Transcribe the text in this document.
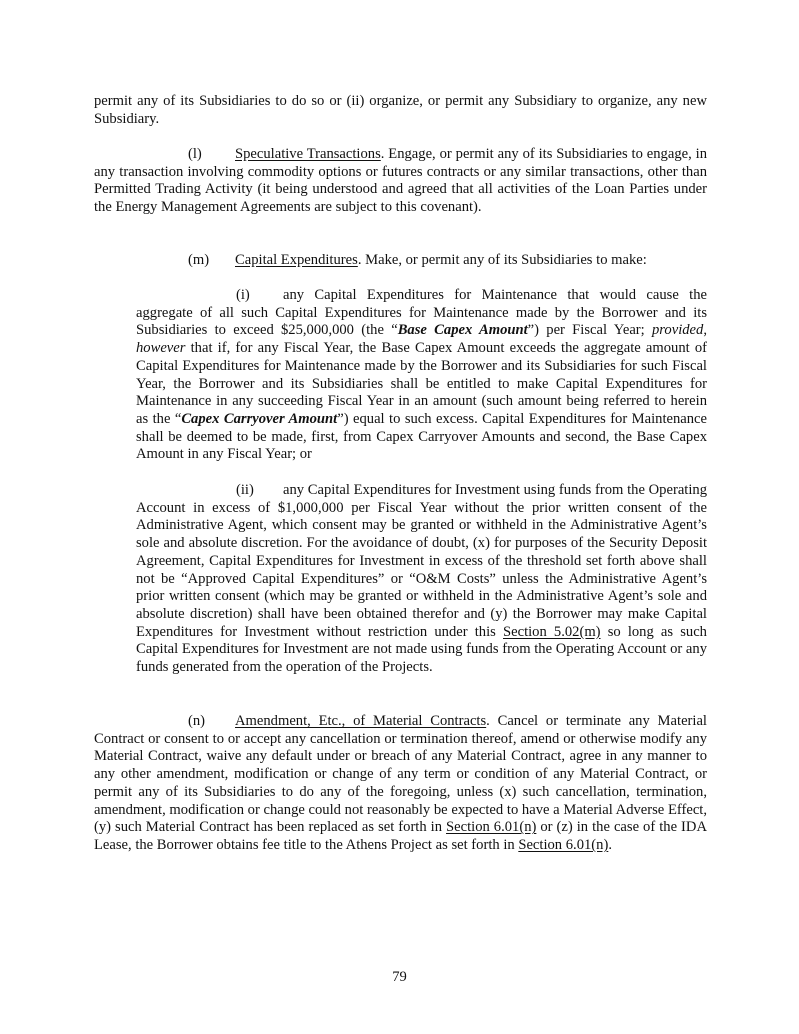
permit any of its Subsidiaries to do so or (ii) organize, or permit any Subsidiary to organize, any new Subsidiary.

(l) Speculative Transactions. Engage, or permit any of its Subsidiaries to engage, in any transaction involving commodity options or futures contracts or any similar transactions, other than Permitted Trading Activity (it being understood and agreed that all activities of the Loan Parties under the Energy Management Agreements are subject to this covenant).

(m) Capital Expenditures. Make, or permit any of its Subsidiaries to make:

(i) any Capital Expenditures for Maintenance that would cause the aggregate of all such Capital Expenditures for Maintenance made by the Borrower and its Subsidiaries to exceed $25,000,000 (the “Base Capex Amount”) per Fiscal Year; provided, however that if, for any Fiscal Year, the Base Capex Amount exceeds the aggregate amount of Capital Expenditures for Maintenance made by the Borrower and its Subsidiaries for such Fiscal Year, the Borrower and its Subsidiaries shall be entitled to make Capital Expenditures for Maintenance in any succeeding Fiscal Year in an amount (such amount being referred to herein as the “Capex Carryover Amount”) equal to such excess. Capital Expenditures for Maintenance shall be deemed to be made, first, from Capex Carryover Amounts and second, the Base Capex Amount in any Fiscal Year; or

(ii) any Capital Expenditures for Investment using funds from the Operating Account in excess of $1,000,000 per Fiscal Year without the prior written consent of the Administrative Agent, which consent may be granted or withheld in the Administrative Agent’s sole and absolute discretion. For the avoidance of doubt, (x) for purposes of the Security Deposit Agreement, Capital Expenditures for Investment in excess of the threshold set forth above shall not be “Approved Capital Expenditures” or “O&M Costs” unless the Administrative Agent’s prior written consent (which may be granted or withheld in the Administrative Agent’s sole and absolute discretion) shall have been obtained therefor and (y) the Borrower may make Capital Expenditures for Investment without restriction under this Section 5.02(m) so long as such Capital Expenditures for Investment are not made using funds from the Operating Account or any funds generated from the operation of the Projects.

(n) Amendment, Etc., of Material Contracts. Cancel or terminate any Material Contract or consent to or accept any cancellation or termination thereof, amend or otherwise modify any Material Contract, waive any default under or breach of any Material Contract, agree in any manner to any other amendment, modification or change of any term or condition of any Material Contract, or permit any of its Subsidiaries to do any of the foregoing, unless (x) such cancellation, termination, amendment, modification or change could not reasonably be expected to have a Material Adverse Effect, (y) such Material Contract has been replaced as set forth in Section 6.01(n) or (z) in the case of the IDA Lease, the Borrower obtains fee title to the Athens Project as set forth in Section 6.01(n).

79
